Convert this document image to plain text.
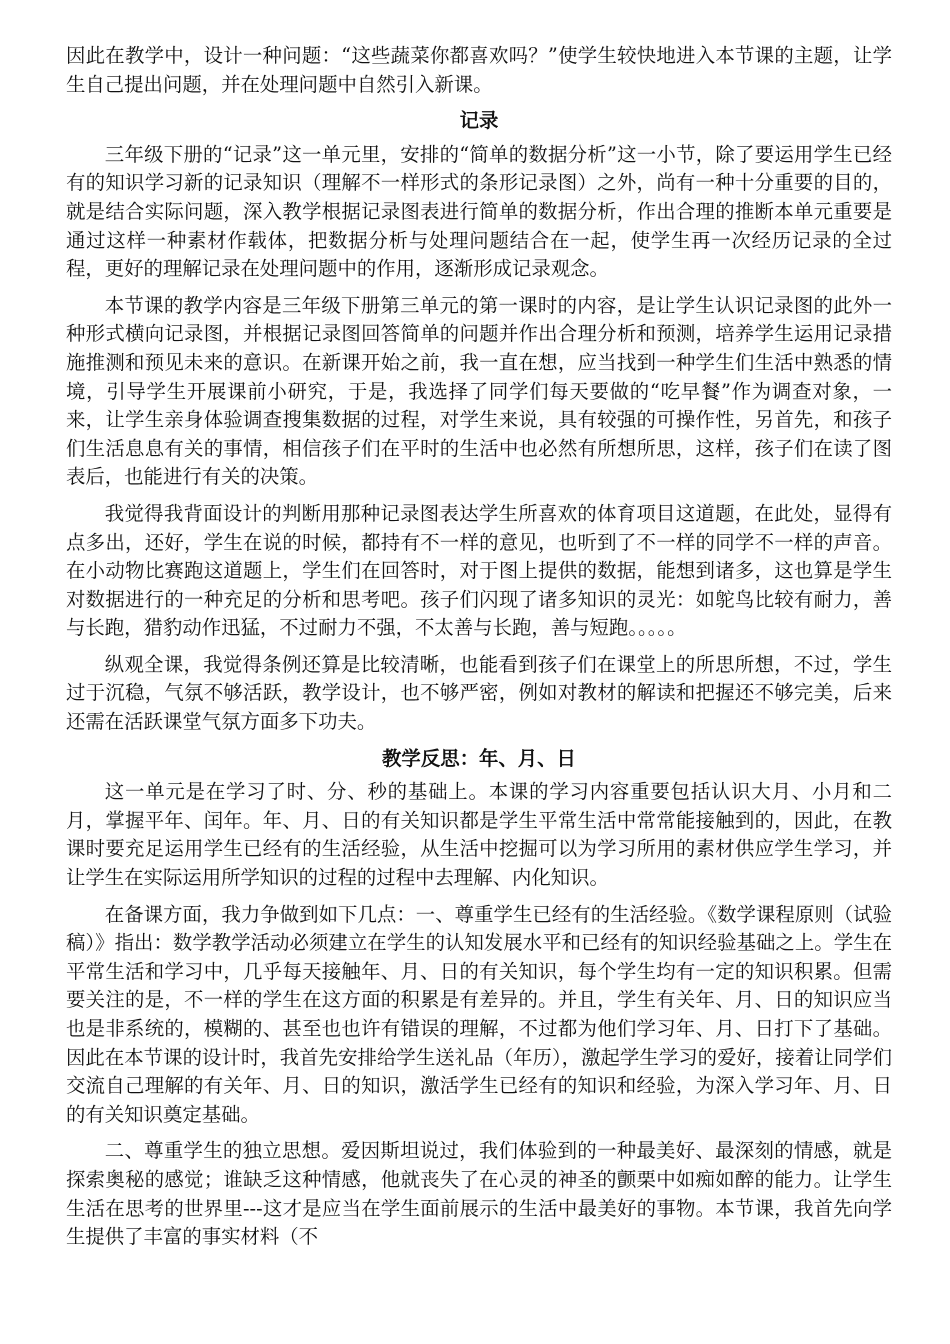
因此在教学中，设计一种问题：“这些蔬菜你都喜欢吗？”使学生较快地进入本节课的主题，让学生自己提出问题，并在处理问题中自然引入新课。

记录

三年级下册的“记录”这一单元里，安排的“简单的数据分析”这一小节，除了要运用学生已经有的知识学习新的记录知识（理解不一样形式的条形记录图）之外，尚有一种十分重要的目的，就是结合实际问题，深入教学根据记录图表进行简单的数据分析，作出合理的推断本单元重要是通过这样一种素材作载体，把数据分析与处理问题结合在一起，使学生再一次经历记录的全过程，更好的理解记录在处理问题中的作用，逐渐形成记录观念。

本节课的教学内容是三年级下册第三单元的第一课时的内容，是让学生认识记录图的此外一种形式横向记录图，并根据记录图回答简单的问题并作出合理分析和预测，培养学生运用记录措施推测和预见未来的意识。在新课开始之前，我一直在想，应当找到一种学生们生活中熟悉的情境，引导学生开展课前小研究，于是，我选择了同学们每天要做的“吃早餐”作为调查对象，一来，让学生亲身体验调查搜集数据的过程，对学生来说，具有较强的可操作性，另首先，和孩子们生活息息有关的事情，相信孩子们在平时的生活中也必然有所想所思，这样，孩子们在读了图表后，也能进行有关的决策。

我觉得我背面设计的判断用那种记录图表达学生所喜欢的体育项目这道题，在此处，显得有点多出，还好，学生在说的时候，都持有不一样的意见，也听到了不一样的同学不一样的声音。在小动物比赛跑这道题上，学生们在回答时，对于图上提供的数据，能想到诸多，这也算是学生对数据进行的一种充足的分析和思考吧。孩子们闪现了诸多知识的灵光：如鸵鸟比较有耐力，善与长跑，猎豹动作迅猛，不过耐力不强，不太善与长跑，善与短跑。。。。。

纵观全课，我觉得条例还算是比较清晰，也能看到孩子们在课堂上的所思所想，不过，学生过于沉稳，气氛不够活跃，教学设计，也不够严密，例如对教材的解读和把握还不够完美，后来还需在活跃课堂气氛方面多下功夫。

教学反思：年、月、日

这一单元是在学习了时、分、秒的基础上。本课的学习内容重要包括认识大月、小月和二月，掌握平年、闰年。年、月、日的有关知识都是学生平常生活中常常能接触到的，因此，在教课时要充足运用学生已经有的生活经验，从生活中挖掘可以为学习所用的素材供应学生学习，并让学生在实际运用所学知识的过程的过程中去理解、内化知识。

在备课方面，我力争做到如下几点：一、尊重学生已经有的生活经验。《数学课程原则（试验稿）》指出：数学教学活动必须建立在学生的认知发展水平和已经有的知识经验基础之上。学生在平常生活和学习中，几乎每天接触年、月、日的有关知识，每个学生均有一定的知识积累。但需要关注的是，不一样的学生在这方面的积累是有差异的。并且，学生有关年、月、日的知识应当也是非系统的，模糊的、甚至也也许有错误的理解，不过都为他们学习年、月、日打下了基础。因此在本节课的设计时，我首先安排给学生送礼品（年历），激起学生学习的爱好，接着让同学们交流自己理解的有关年、月、日的知识，激活学生已经有的知识和经验，为深入学习年、月、日的有关知识奠定基础。

二、尊重学生的独立思想。爱因斯坦说过，我们体验到的一种最美好、最深刻的情感，就是探索奥秘的感觉；谁缺乏这种情感，他就丧失了在心灵的神圣的颤栗中如痴如醉的能力。让学生生活在思考的世界里---这才是应当在学生面前展示的生活中最美好的事物。本节课，我首先向学生提供了丰富的事实材料（不
